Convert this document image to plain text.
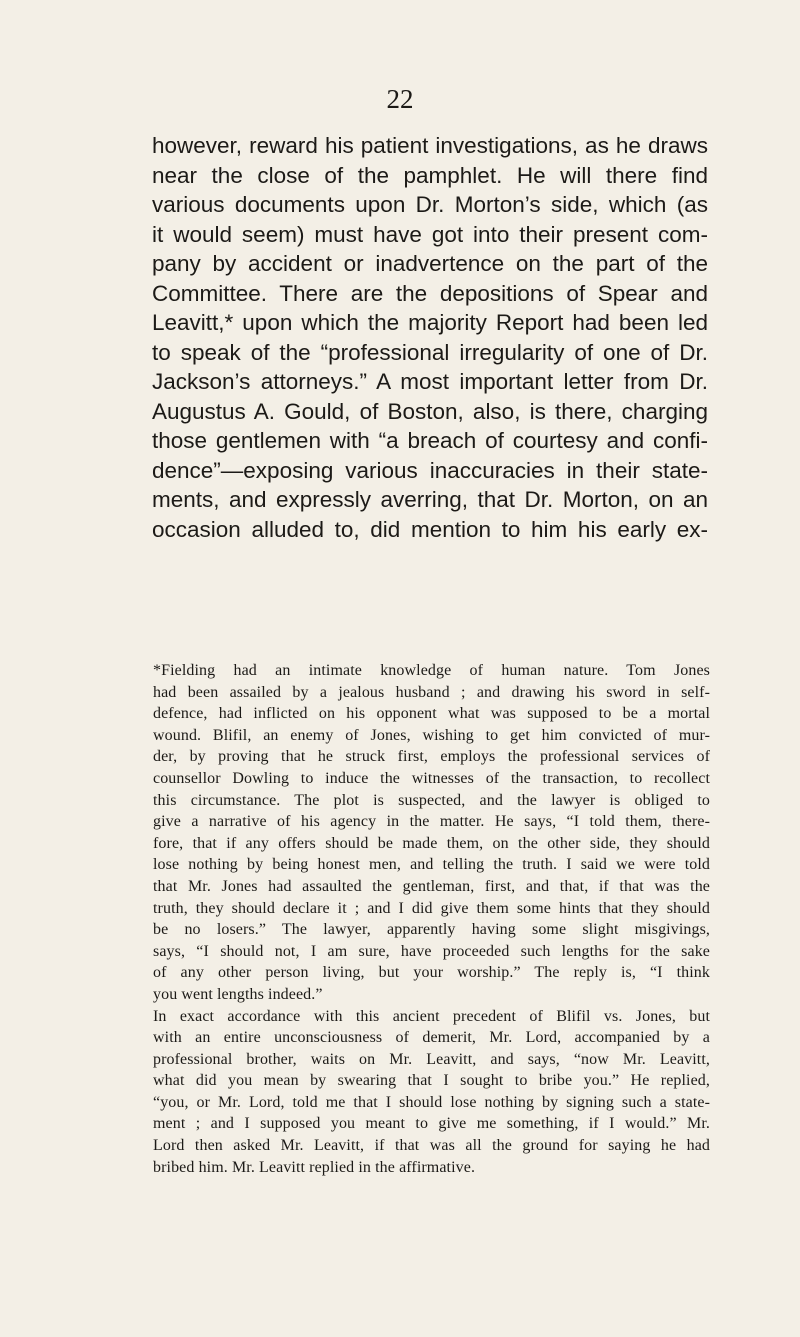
22
however, reward his patient investigations, as he draws
near the close of the pamphlet. He will there find
various documents upon Dr. Morton’s side, which (as
it would seem) must have got into their present com-
pany by accident or inadvertence on the part of the
Committee. There are the depositions of Spear and
Leavitt,* upon which the majority Report had been led
to speak of the “professional irregularity of one of Dr.
Jackson’s attorneys.” A most important letter from Dr.
Augustus A. Gould, of Boston, also, is there, charging
those gentlemen with “a breach of courtesy and confi-
dence”—exposing various inaccuracies in their state-
ments, and expressly averring, that Dr. Morton, on an
occasion alluded to, did mention to him his early ex-
*Fielding had an intimate knowledge of human nature. Tom Jones
had been assailed by a jealous husband ; and drawing his sword in self-
defence, had inflicted on his opponent what was supposed to be a mortal
wound. Blifil, an enemy of Jones, wishing to get him convicted of mur-
der, by proving that he struck first, employs the professional services of
counsellor Dowling to induce the witnesses of the transaction, to recollect
this circumstance. The plot is suspected, and the lawyer is obliged to
give a narrative of his agency in the matter. He says, “I told them, there-
fore, that if any offers should be made them, on the other side, they should
lose nothing by being honest men, and telling the truth. I said we were told
that Mr. Jones had assaulted the gentleman, first, and that, if that was the
truth, they should declare it ; and I did give them some hints that they should
be no losers.” The lawyer, apparently having some slight misgivings,
says, “I should not, I am sure, have proceeded such lengths for the sake
of any other person living, but your worship.” The reply is, “I think
you went lengths indeed.”
In exact accordance with this ancient precedent of Blifil vs. Jones, but
with an entire unconsciousness of demerit, Mr. Lord, accompanied by a
professional brother, waits on Mr. Leavitt, and says, “now Mr. Leavitt,
what did you mean by swearing that I sought to bribe you.” He replied,
“you, or Mr. Lord, told me that I should lose nothing by signing such a state-
ment ; and I supposed you meant to give me something, if I would.” Mr.
Lord then asked Mr. Leavitt, if that was all the ground for saying he had
bribed him. Mr. Leavitt replied in the affirmative.
